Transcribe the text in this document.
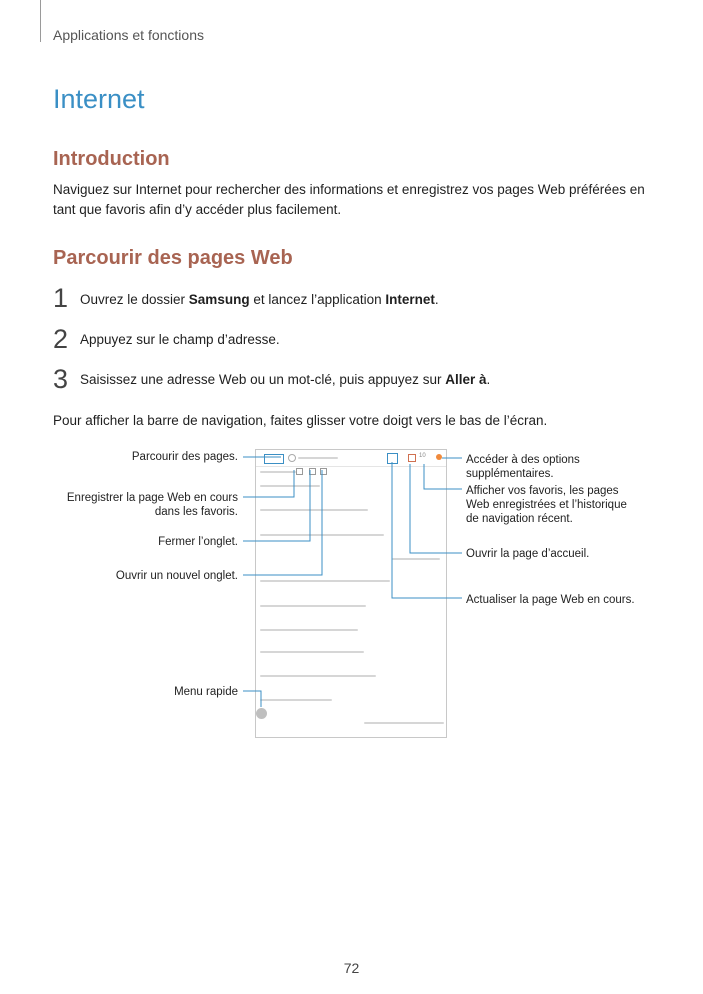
Applications et fonctions
Internet
Introduction
Naviguez sur Internet pour rechercher des informations et enregistrez vos pages Web préférées en
tant que favoris afin d’y accéder plus facilement.
Parcourir des pages Web
1 Ouvrez le dossier Samsung et lancez l’application Internet.
2 Appuyez sur le champ d’adresse.
3 Saisissez une adresse Web ou un mot-clé, puis appuyez sur Aller à.
Pour afficher la barre de navigation, faites glisser votre doigt vers le bas de l’écran.
Parcourir des pages.
Enregistrer la page Web en cours
dans les favoris.
Fermer l’onglet.
Ouvrir un nouvel onglet.
Menu rapide
Accéder à des options
supplémentaires.
Afficher vos favoris, les pages
Web enregistrées et l’historique
de navigation récent.
Ouvrir la page d’accueil.
Actualiser la page Web en cours.
10
72
